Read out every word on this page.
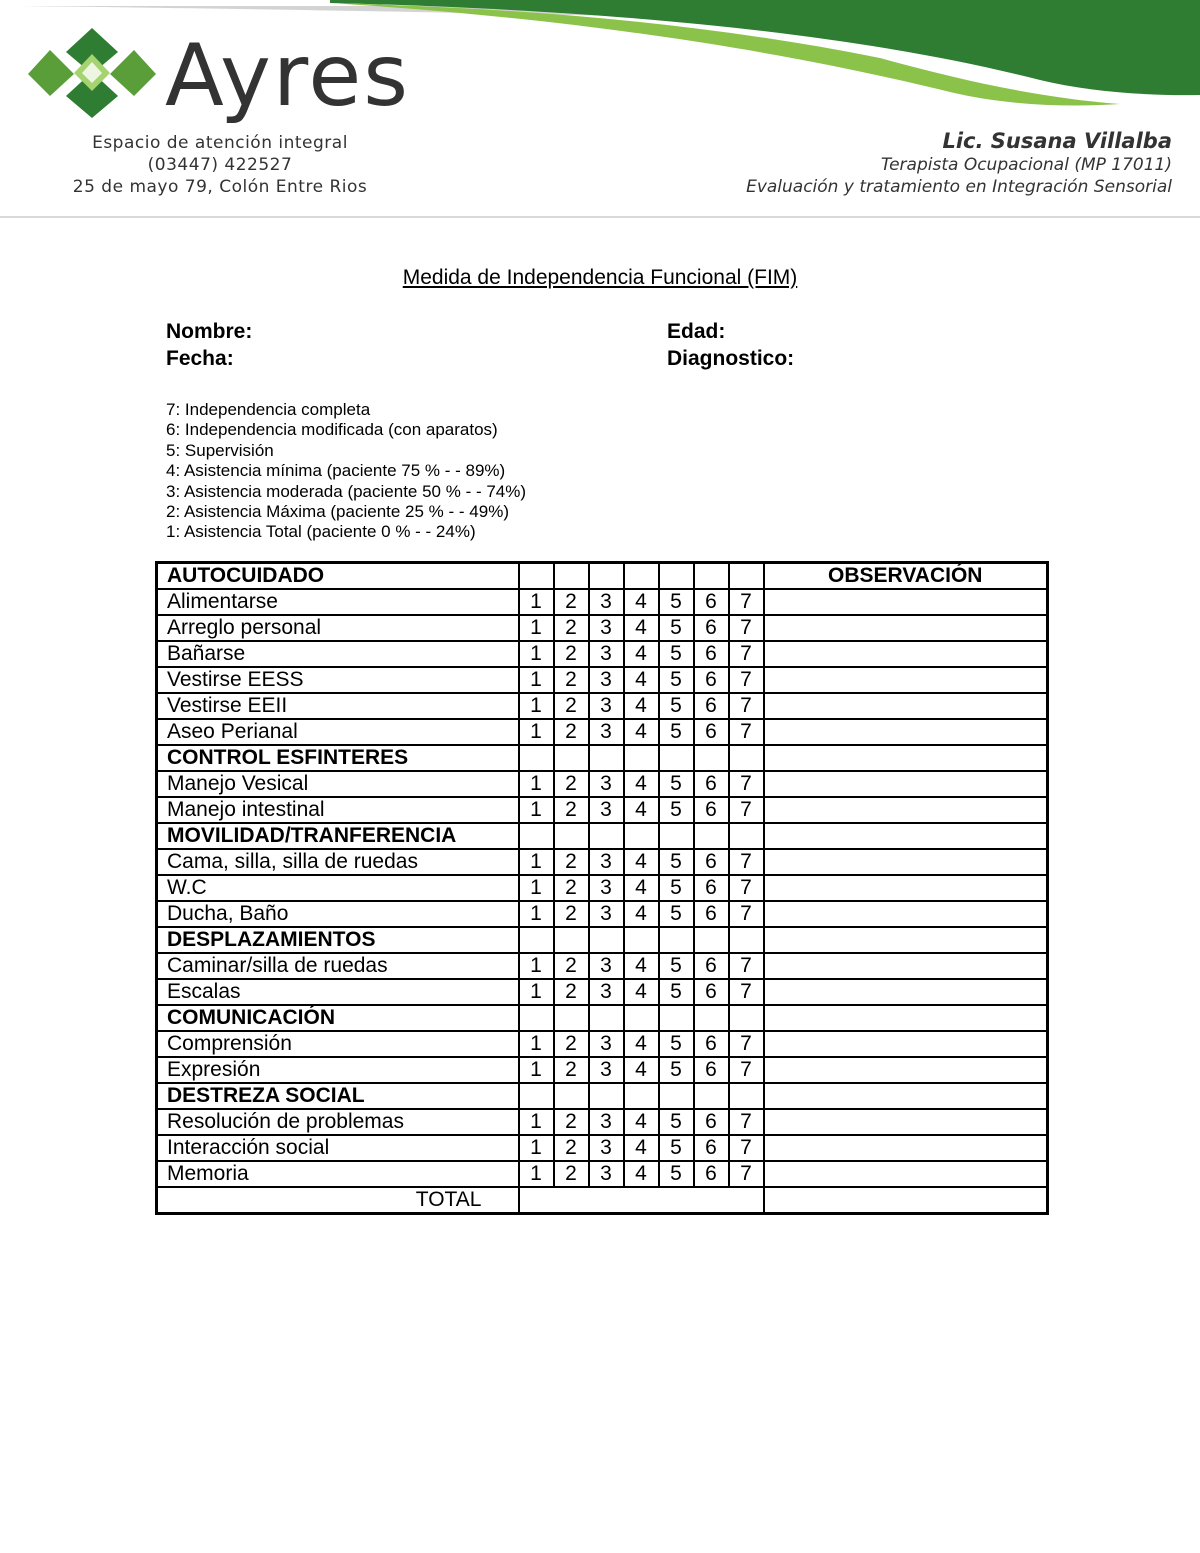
Ayres
Espacio de atención integral
(03447) 422527
25 de mayo 79, Colón Entre Rios
Lic. Susana Villalba
Terapista Ocupacional (MP 17011)
Evaluación y tratamiento en Integración Sensorial
Medida de Independencia Funcional (FIM)
Nombre:
Fecha:
Edad:
Diagnostico:
7: Independencia completa
6: Independencia modificada (con aparatos)
5: Supervisión
4: Asistencia mínima (paciente 75 % - - 89%)
3: Asistencia moderada (paciente 50 % - - 74%)
2: Asistencia Máxima (paciente 25 % - - 49%)
1: Asistencia Total (paciente 0 % - - 24%)
AUTOCUIDADO								OBSERVACIÓN
Alimentarse	1	2	3	4	5	6	7	
Arreglo personal	1	2	3	4	5	6	7	
Bañarse	1	2	3	4	5	6	7	
Vestirse EESS	1	2	3	4	5	6	7	
Vestirse EEII	1	2	3	4	5	6	7	
Aseo Perianal	1	2	3	4	5	6	7	
CONTROL ESFINTERES								
Manejo Vesical	1	2	3	4	5	6	7	
Manejo intestinal	1	2	3	4	5	6	7	
MOVILIDAD/TRANFERENCIA								
Cama, silla, silla de ruedas	1	2	3	4	5	6	7	
W.C	1	2	3	4	5	6	7	
Ducha, Baño	1	2	3	4	5	6	7	
DESPLAZAMIENTOS								
Caminar/silla de ruedas	1	2	3	4	5	6	7	
Escalas	1	2	3	4	5	6	7	
COMUNICACIÓN								
Comprensión	1	2	3	4	5	6	7	
Expresión	1	2	3	4	5	6	7	
DESTREZA SOCIAL								
Resolución de problemas	1	2	3	4	5	6	7	
Interacción social	1	2	3	4	5	6	7	
Memoria	1	2	3	4	5	6	7	
TOTAL								
